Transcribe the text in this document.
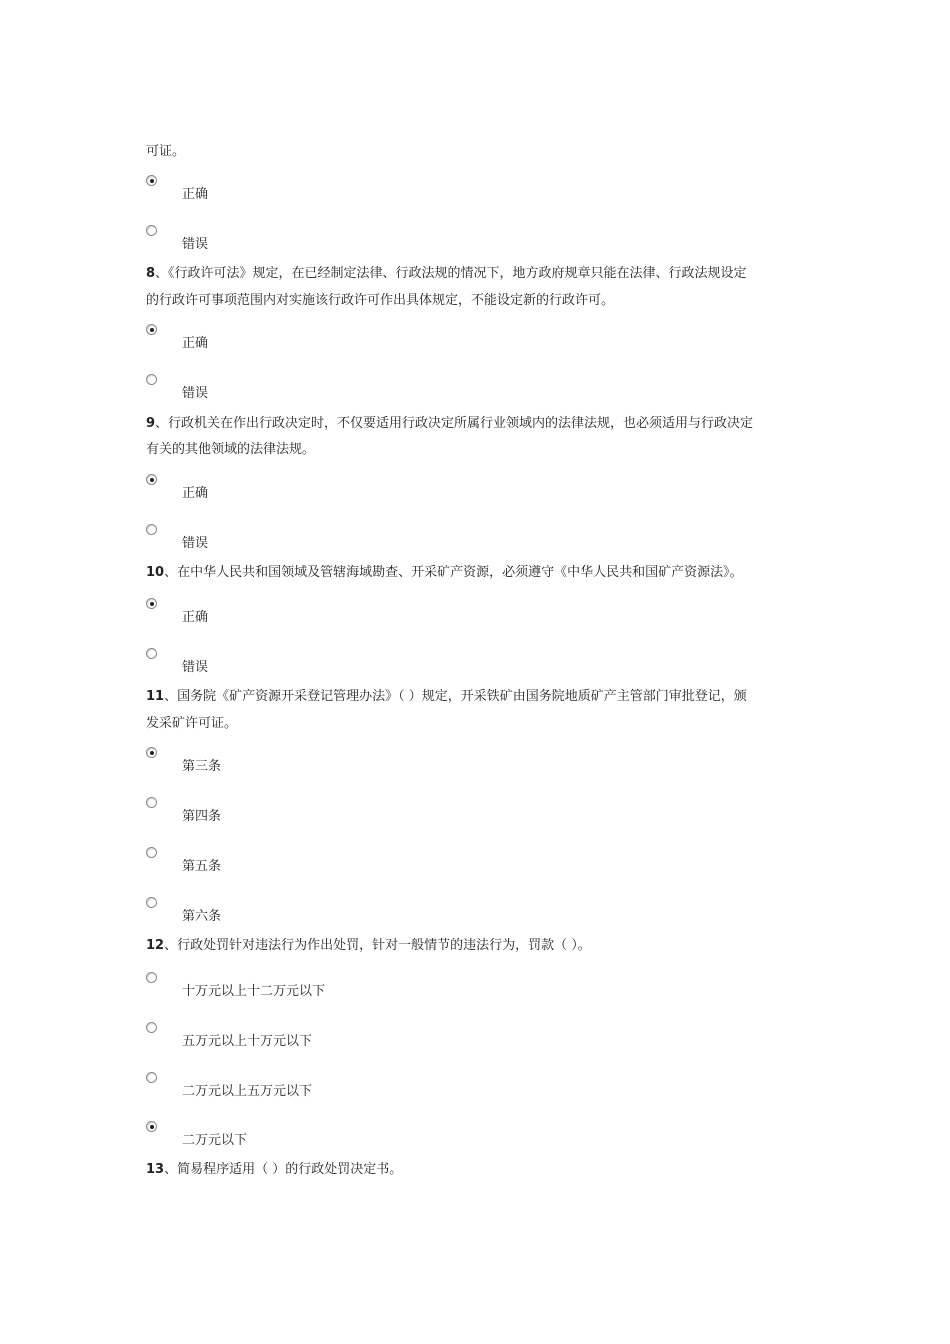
可证。
正确
错误
8、《行政许可法》规定，在已经制定法律、行政法规的情况下，地方政府规章只能在法律、行政法规设定
的行政许可事项范围内对实施该行政许可作出具体规定，不能设定新的行政许可。
正确
错误
9、行政机关在作出行政决定时，不仅要适用行政决定所属行业领域内的法律法规，也必须适用与行政决定
有关的其他领域的法律法规。
正确
错误
10、在中华人民共和国领域及管辖海域勘查、开采矿产资源，必须遵守《中华人民共和国矿产资源法》。
正确
错误
11、国务院《矿产资源开采登记管理办法》（ ）规定，开采铁矿由国务院地质矿产主管部门审批登记，颁
发采矿许可证。
第三条
第四条
第五条
第六条
12、行政处罚针对违法行为作出处罚，针对一般情节的违法行为，罚款（ ）。
十万元以上十二万元以下
五万元以上十万元以下
二万元以上五万元以下
二万元以下
13、简易程序适用（ ）的行政处罚决定书。
